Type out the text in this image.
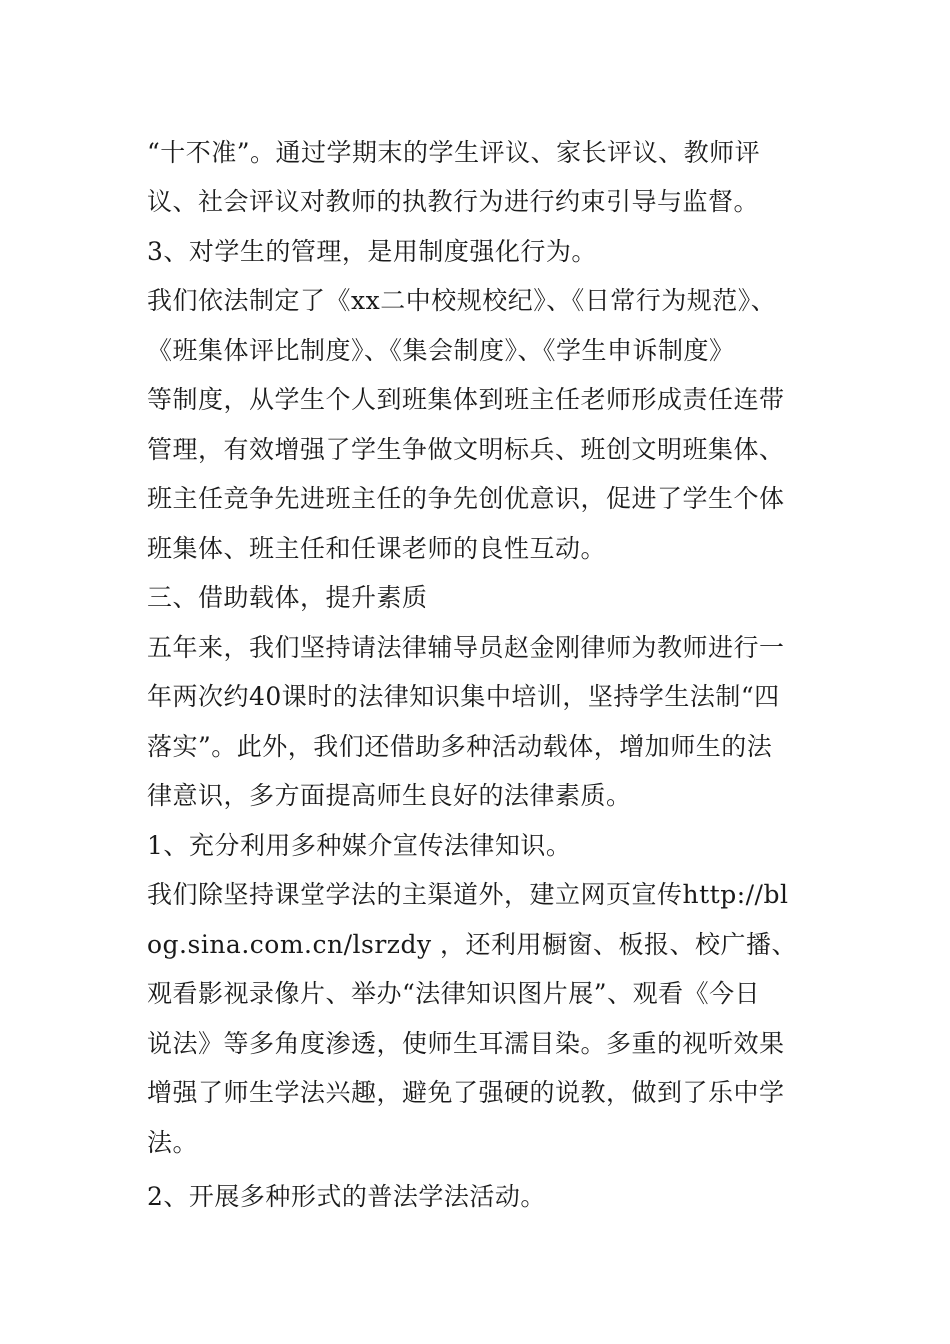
“十不准”。通过学期末的学生评议、家长评议、教师评
议、社会评议对教师的执教行为进行约束引导与监督。
3、对学生的管理，是用制度强化行为。
我们依法制定了《xx二中校规校纪》、《日常行为规范》、
《班集体评比制度》、《集会制度》、《学生申诉制度》
等制度，从学生个人到班集体到班主任老师形成责任连带
管理，有效增强了学生争做文明标兵、班创文明班集体、
班主任竞争先进班主任的争先创优意识，促进了学生个体
班集体、班主任和任课老师的良性互动。
三、借助载体，提升素质
五年来，我们坚持请法律辅导员赵金刚律师为教师进行一
年两次约40课时的法律知识集中培训，坚持学生法制“四
落实”。此外，我们还借助多种活动载体，增加师生的法
律意识，多方面提高师生良好的法律素质。
1、充分利用多种媒介宣传法律知识。
我们除坚持课堂学法的主渠道外，建立网页宣传http://bl
og.sina.com.cn/lsrzdy ，还利用橱窗、板报、校广播、
观看影视录像片、举办“法律知识图片展”、观看《今日
说法》等多角度渗透，使师生耳濡目染。多重的视听效果
增强了师生学法兴趣，避免了强硬的说教，做到了乐中学
法。
2、开展多种形式的普法学法活动。
